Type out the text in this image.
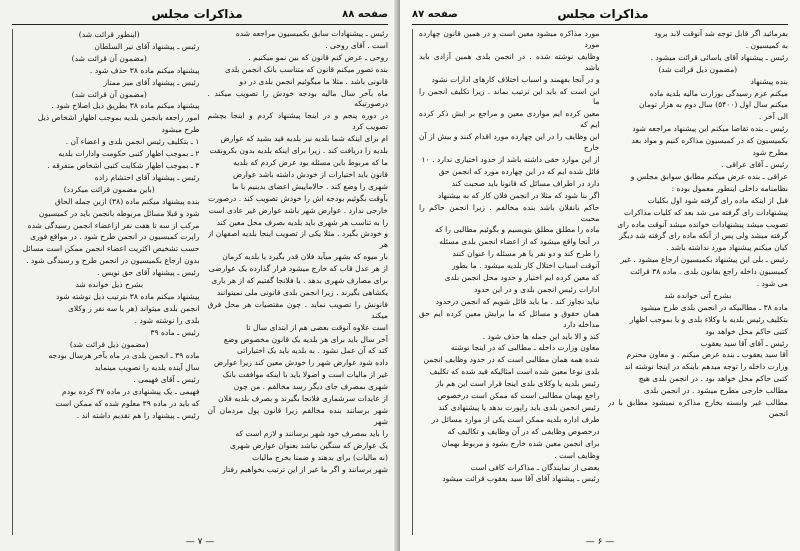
صفحه ۸۸
مذاكرات مجلس

رئیس ـ پیشنهادات سابق بکمیسیون مراجعه شده

است . آقای روحی .

روحی ـ عرض کنم قانون که بین نمو میکنیم .

بنده تصور میکنم قانون که متناسب بانک انجمن بلدی

قانونی باشد . مثلا ما میگوئیم انجمن بلدی در دو

ماه بآخر سال مالیه بودجه خودش را تصویب میکند . درصورتیکه

در دوره پنجم و در اینجا پیشنهاد کردم و اینجا بچشم تصویب کرد

ام برای اینکه شما بلدیه نیز بلدیه قید بشید که عوارض

بلدیه را دریافت کند . زیرا برای اینکه بلدیه بدون بکرونقت

ما که مربوط باین مسئله بود عرض کردم که بلدیه

قانون باید اختیارات از خودش داشته باشد عوارض

شهری را وضع کند . حالاماپیش اعضای بدینیم با ما

بآوقت بگوئیم بودجه اش را خودش تصویب کند . درصورت

خارجی ندارد . عوارض شهر باشد عوارض غیر عادی است

را به تناسب هر شهری باید بلدیه بصرف محل معین کند

و خودش بگیرد . مثلا یکی از تصویب اینجا بلدیه اصفهان از هر

بار میوه که بشهر میآید فلان قدر بگیرد یا بلدیه کرمان

از هر عدل قاب که خارج میشود فرار گذارده یک عوارضی

برای مصارف شهری بدهد . یا فلانجا گفتیم که از هر باری

یکشاهی بگیرند . زیرا انجمن بلدی قانونی ملی نمیتوانند

قانونش را تصویب نماید . چون مقتضیات هر محل فرق میکند

است علاوه آنوقت بعضی هم از ابتدای سال تا

آخر سال باید برای هر بلدیه یک قانون مخصوص وضع

کند که آن عمل نشود . به بلدیه باید یک اختیاراتی

داده شود عوارض شهر را خودش معین کند زیرا عوارض

غیر از مالیات است و اصولا باید با اینکه موافقت بانک

شهری بمصرف جای دیگر رسد مخالفم . من چون

از عایدات سرشماری فلانجا بگیرند و بصرف بلدیه فلان

شهر برسانند بنده مخالفم زیرا قانون پول مردمان آن شهر

را باید بمصرف خود شهر برسانند و لازم است که

یک عوارض که سنگین نباشد بعنوان عوارض شهری

(نه مالیات) برای بدهند و ضمنا بخرج مالیات

شهر برسانند و اگر ما غیر از این ترتیب بخواهیم رفتار

(اینطور قرائت شد)

رئیس ـ پیشنهاد آقای نیر السلطان

(مضمون آن قرائت شد)

پیشنهاد میکنم ماده ۳۸ حذف شود .

رئیس ـ پیشنهاد آقای میر ممتاز

(مضمون آن قرائت شد)

پیشنهاد میکنم ماده ۳۸ بطریق ذیل اصلاح شود .

امور راجعه بانجمن بلدیه بموجب اظهار اشخاص ذیل

طرح میشود

۱ ـ بتکلیف رئیس انجمن بلدی و اعضاء آن .

۲ ـ بموجب اظهار کتبی حکومت وادارات بلدیه

۳ ـ بموجب اظهار شکایت کتبی اشخاص متفرقه .

رئیس ـ پیشنهاد آقای احتشام زاده

(باین مضمون قرائت میکردد)

بنده پیشنهاد میکنم ماده (۳۸) ازین جمله الحاق

شود و قبلا مسائل مربوطه بانجمن باید در کمیسیون

مرکب از سه تا هفت نفر ازاعضاء انجمن رسیدگی شده

راپرت کمیسیون در انجمن طرح شود . در مواقع فوری

حسب تشخیص اکثریت اعضاء انجمن ممکن است مسائل

بدون ارجاع بکمیسیون در انجمن طرح و رسیدگی شود .

رئیس ـ پیشنهاد آقای حق نویس .

بشرح ذیل خوانده شد

پیشنهاد میکنم ماده ۳۸ بترتیب ذیل نوشته شود

انجمن بلدی میتواند (هر یا سه نفر ز وکلای

بلدی را نوشته شود .

رئیس ـ ماده ۳۹

(مضمون ذیل قرائت شد)

ماده ۳۹ ـ انجمن بلدی در ماه بآخر هرسال بودجه

سال آینده بلدیه را تصویب مینماید

رئیس ـ آقای فهیمی .

فهیمی ـ یک پیشنهادی در ماده ۳۷ کرده بودم

که باید در ماده ۳۹ معلوم شده که ممکن است

رئیس ـ پیشنهاد را هم تقدیم داشته اند .

— ۷ —
مذاکرات مجلس
صفحه ۸۷

بفرمائید اگر قابل توجه شد آنوقت لابد برود

به کمیسیون .

رئیس ـ پیشنهاد آقای یاسائی قرائت میشود .

(مضمون ذیل قرائت شد)

بنده پیشنهاد

میکنم عزم رسیدگی بوزارت مالیه بلدیه ماده

میکنم سال اول (۵۴۰۰) سال دوم به هزار تومان

الی آخر .

رئیس ـ بنده تقاضا میکنم این پیشنهاد مراجعه شود

بکمیسیون که در کمیسیون مذاکره کنیم و مواد بعد

مطرح شود

رئیس ـ آقای عراقی .

عراقی ـ بنده عرض میکنم مطابق سوابق مجلس و

نظامنامه داخلی اینطور معمول بوده :

قبل از اینکه ماده رای گرفته شود اول بکلیات

پیشنهادات رای گرفته می شد بعد که کلیات مذاکرات

تصویب میشد پیشنهادات خوانده میشد آنوقت ماده رای

گرفته میشد ولی پس از آنکه ماده رای گرفته شد دیگر

کیان میکنم پیشنهاد مورد نداشته باشد .

رئیس ـ بلی این پیشنهاد بکمیسیون ارجاع میشود . غیر

کمیسیون داخله راجع بقانون بلدی . ماده ۳۸ قرائت

می شود .

بشرح آتی خوانده شد

ماده ۳۸ ـ مطالبیکه در انجمن بلدی طرح میشود

بتکلیف رئیس بلدیه یا وکلاء بلدی و یا بموجب اظهار

کتبی حاکم محل خواهد بود

رئیس ـ آقای آقا سید یعقوب

آقا سید یعقوب ـ بنده عرض میکنم . و معاون محترم

وزارت داخله را توجه میدهم باینکه در اینجا نوشته اند

کتبی حاکم محل خواهد بود . در انجمن بلدی هیچ

مطالب خارجی مطرح میشود . در انجمن بلدی

مطالب غیر وابسته بخارج مذاکره نمیشود مطابق با در انجمن

مورد مذاکره میشود معین است و در همین قانون چهارده مورد

وظایف نوشته شده . در انجمن بلدی همین آزادی باید باشد

و در آنجا بفهمند و اسباب اختلاف کارهای ادارات نشود

این است که باید این ترتیب بماند . زیرا تکلیف انجمن را ما

معین کرده ایم مواردی معین و مراجع بر ایش ذکر کرده ایم که

این وظایف را در این چهارده مورد اقدام کنند و بیش از آن خارج

از این موارد حقی داشته باشد از حدود اختیاری ندارد . ۱۰

قائل شده ایم که در این چهارده مورد که انجمن حق

دارد در اطراف مسائل که قانونا باید صحبت کند

اگر بنا شود که مثلا در انجمن فلان کار که به بیشنهاد

حاکم بانقلان باشد بنده مخالفم . زیرا انجمن حاکم را محبت

ماده را مطلق مطلق بنویسیم و بگوئیم مطالبی را که

در آنجا واقع میشود که از اعضاء انجمن بلدی مسئله

را طرح کند و دو نفر یا هر مسئله را عنوان کنند

آنوقت اسباب اختلال کار بلدیه میشود . ما بطور

که معین کرده ایم اختیار و حدود محل انجمن بلدی

ادارات رئیس انجمن بلدی و در این حدود

نباید تجاوز کند . ما باید قائل شویم که انجمن درحدود

همان حقوق و مسائل که ما برایش معین کرده ایم حق مداخله دارد

کند و الا باید این جمله ها حذف شود .

معاون وزارت داخله ـ مطالبی که در اینجا نوشته

شده همه همان مطالبی است که در حدود وظایف انجمن

بلدی نوعا معین شده است امثالیکه قید شده که تکلیف

رئیس بلدیه یا وکلای بلدی اینجا قرار است این هم باز

راجع بهمان مطالبی است که ممکن است درخصوص

رئیس انجمن بلدی باید راپورت بدهد یا پیشنهادی کند

طرف اداره بلدیه ممکن است یکی از موارد مسائل در

درخصوص وظایفی که در آن وظایف و تکالیف که

برای انجمن معین شده خارج بشود و مربوط بهمان

وظایف است .

بعضی از نمایندگان ـ مذاکرات کافی است

رئیس ـ پیشنهاد آقای آقا سید یعقوب قرائت میشود

— ۶ —
